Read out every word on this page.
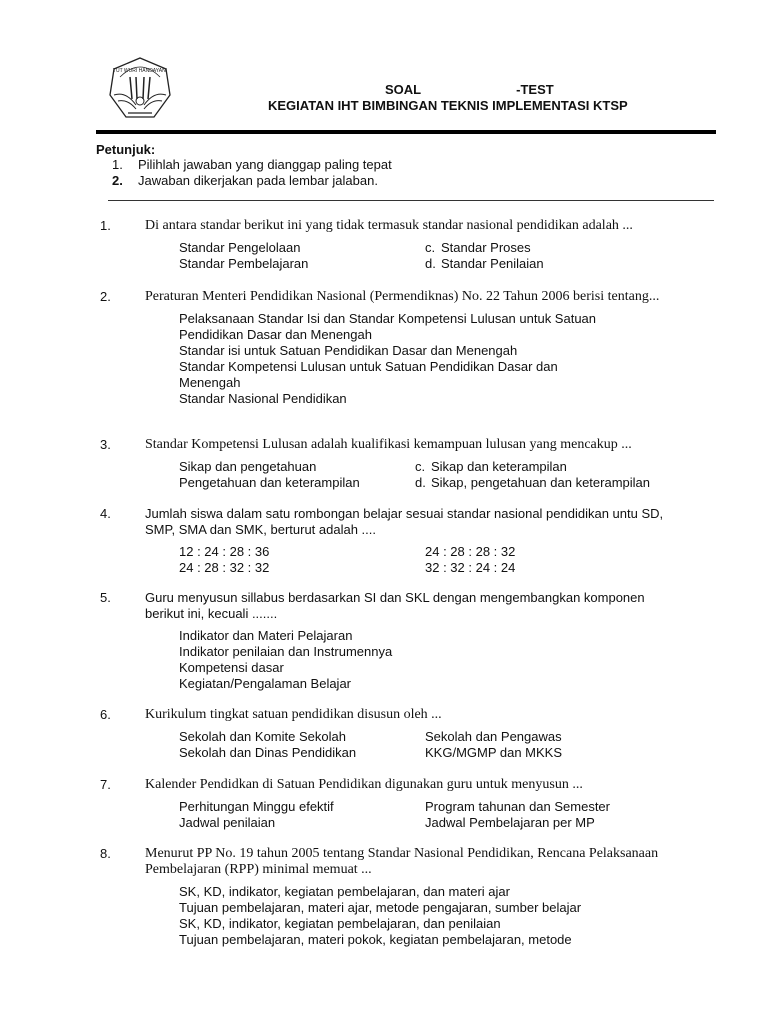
TUT WURI HANDAYANI
SOAL	-TEST
KEGIATAN IHT BIMBINGAN TEKNIS IMPLEMENTASI KTSP
Petunjuk:
1. Pilihlah jawaban yang dianggap paling tepat
2. Jawaban dikerjakan pada lembar jalaban.
1. Di antara standar berikut ini yang tidak termasuk standar nasional pendidikan adalah ...
Standar Pengelolaan	c. Standar Proses
Standar Pembelajaran	d. Standar Penilaian
2. Peraturan Menteri Pendidikan Nasional (Permendiknas) No. 22 Tahun 2006 berisi tentang...
Pelaksanaan Standar Isi dan Standar Kompetensi Lulusan untuk Satuan
Pendidikan Dasar dan Menengah
Standar isi untuk Satuan Pendidikan Dasar dan Menengah
Standar Kompetensi Lulusan untuk Satuan Pendidikan Dasar dan
Menengah
Standar Nasional Pendidikan
3. Standar Kompetensi Lulusan adalah kualifikasi kemampuan lulusan yang mencakup ...
Sikap dan pengetahuan	c. Sikap dan keterampilan
Pengetahuan dan keterampilan	d. Sikap, pengetahuan dan keterampilan
4.	Jumlah siswa dalam satu rombongan belajar sesuai standar nasional pendidikan untu SD, SMP, SMA dan SMK, berturut adalah ....
12 : 24 : 28 : 36	24 : 28 : 28 : 32
24 : 28 : 32 : 32	32 : 32 : 24 : 24
5.	Guru menyusun sillabus berdasarkan SI dan SKL dengan mengembangkan komponen berikut ini, kecuali .......
Indikator dan Materi Pelajaran
Indikator penilaian dan Instrumennya
Kompetensi dasar
Kegiatan/Pengalaman Belajar
6. Kurikulum tingkat satuan pendidikan disusun oleh ...
Sekolah dan Komite Sekolah	Sekolah dan Pengawas
Sekolah dan Dinas Pendidikan	KKG/MGMP dan MKKS
7. Kalender Pendidkan di Satuan Pendidikan digunakan guru untuk menyusun ...
Perhitungan Minggu efektif	Program tahunan dan Semester
Jadwal penilaian	Jadwal Pembelajaran per MP
8. Menurut PP No. 19 tahun 2005 tentang Standar Nasional Pendidikan, Rencana Pelaksanaan Pembelajaran (RPP) minimal memuat ...
SK, KD, indikator, kegiatan pembelajaran, dan materi ajar
Tujuan pembelajaran, materi ajar, metode pengajaran, sumber belajar
SK, KD, indikator, kegiatan pembelajaran, dan penilaian
Tujuan pembelajaran, materi pokok, kegiatan pembelajaran, metode
